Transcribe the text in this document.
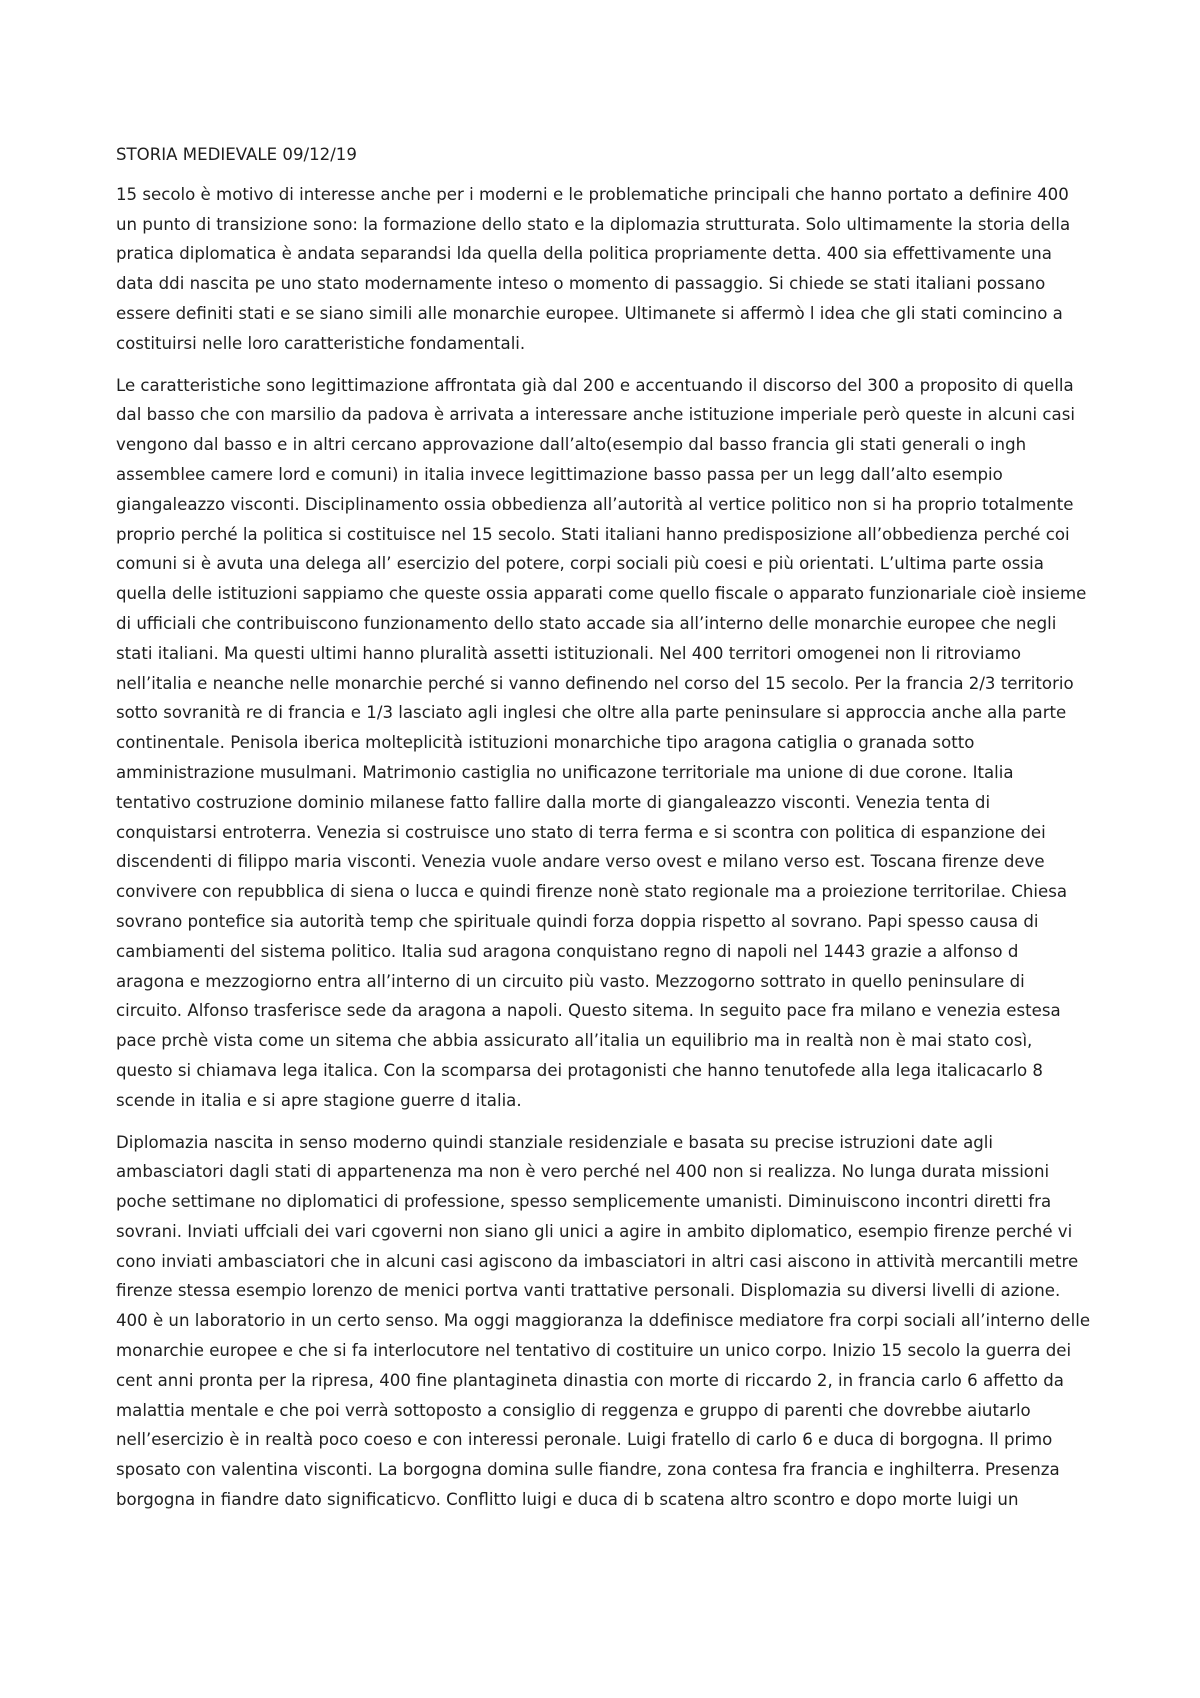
STORIA MEDIEVALE 09/12/19

15 secolo è motivo di interesse anche per i moderni e le problematiche principali che hanno portato a definire 400 un punto di transizione sono: la formazione dello stato e la diplomazia strutturata. Solo ultimamente la storia della pratica diplomatica è andata separandsi lda quella della politica propriamente detta. 400 sia effettivamente una data ddi nascita pe uno stato modernamente inteso o momento di passaggio. Si chiede se stati italiani possano essere definiti stati e se siano simili alle monarchie europee. Ultimanete si affermò l idea che gli stati comincino a costituirsi nelle loro caratteristiche fondamentali.

Le caratteristiche sono legittimazione affrontata già dal 200 e accentuando il discorso del 300 a proposito di quella dal basso che con marsilio da padova è arrivata a interessare anche istituzione imperiale però queste in alcuni casi vengono dal basso e in altri cercano approvazione dall’alto(esempio dal basso francia gli stati generali o ingh assemblee camere lord e comuni) in italia invece legittimazione basso passa per un legg dall’alto esempio giangaleazzo visconti. Disciplinamento ossia obbedienza all’autorità al vertice politico non si ha proprio totalmente proprio perché la politica si costituisce nel 15 secolo. Stati italiani hanno predisposizione all’obbedienza perché coi comuni si è avuta una delega all’ esercizio del potere, corpi sociali più coesi e più orientati. L’ultima parte ossia quella delle istituzioni sappiamo che queste ossia apparati come quello fiscale o apparato funzionariale cioè insieme di ufficiali che contribuiscono funzionamento dello stato accade sia all’interno delle monarchie europee che negli stati italiani. Ma questi ultimi hanno pluralità assetti istituzionali. Nel 400 territori omogenei non li ritroviamo nell’italia e neanche nelle monarchie perché si vanno definendo nel corso del 15 secolo. Per la francia 2/3 territorio sotto sovranità re di francia e 1/3 lasciato agli inglesi che oltre alla parte peninsulare si approccia anche alla parte continentale. Penisola iberica molteplicità istituzioni monarchiche tipo aragona catiglia o granada sotto amministrazione musulmani. Matrimonio castiglia no unificazone territoriale ma unione di due corone. Italia tentativo costruzione dominio milanese fatto fallire dalla morte di giangaleazzo visconti. Venezia tenta di conquistarsi entroterra. Venezia si costruisce uno stato di terra ferma e si scontra con politica di espanzione dei discendenti di filippo maria visconti. Venezia vuole andare verso ovest e milano verso est. Toscana firenze deve convivere con repubblica di siena o lucca e quindi firenze nonè stato regionale ma a proiezione territorilae. Chiesa sovrano pontefice sia autorità temp che spirituale quindi forza doppia rispetto al sovrano. Papi spesso causa di cambiamenti del sistema politico. Italia sud aragona conquistano regno di napoli nel 1443 grazie a alfonso d aragona e mezzogiorno entra all’interno di un circuito più vasto. Mezzogorno sottrato in quello peninsulare di circuito. Alfonso trasferisce sede da aragona a napoli. Questo sitema. In seguito pace fra milano e venezia estesa pace prchè vista come un sitema che abbia assicurato all’italia un equilibrio ma in realtà non è mai stato così, questo si chiamava lega italica. Con la scomparsa dei protagonisti che hanno tenutofede alla lega italicacarlo 8 scende in italia e si apre stagione guerre d italia.

Diplomazia nascita in senso moderno quindi stanziale residenziale e basata su precise istruzioni date agli ambasciatori dagli stati di appartenenza ma non è vero perché nel 400 non si realizza. No lunga durata missioni poche settimane no diplomatici di professione, spesso semplicemente umanisti. Diminuiscono incontri diretti fra sovrani. Inviati uffciali dei vari cgoverni non siano gli unici a agire in ambito diplomatico, esempio firenze perché vi cono inviati ambasciatori che in alcuni casi agiscono da imbasciatori in altri casi aiscono in attività mercantili metre firenze stessa esempio lorenzo de menici portva vanti trattative personali. Displomazia su diversi livelli di azione. 400 è un laboratorio in un certo senso. Ma oggi maggioranza la ddefinisce mediatore fra corpi sociali all’interno delle monarchie europee e che si fa interlocutore nel tentativo di costituire un unico corpo. Inizio 15 secolo la guerra dei cent anni pronta per la ripresa, 400 fine plantagineta dinastia con morte di riccardo 2, in francia carlo 6 affetto da malattia mentale e che poi verrà sottoposto a consiglio di reggenza e gruppo di parenti che dovrebbe aiutarlo nell’esercizio è in realtà poco coeso e con interessi peronale. Luigi fratello di carlo 6 e duca di borgogna. Il primo sposato con valentina visconti. La borgogna domina sulle fiandre, zona contesa fra francia e inghilterra. Presenza borgogna in fiandre dato significaticvo. Conflitto luigi e duca di b scatena altro scontro e dopo morte luigi un
